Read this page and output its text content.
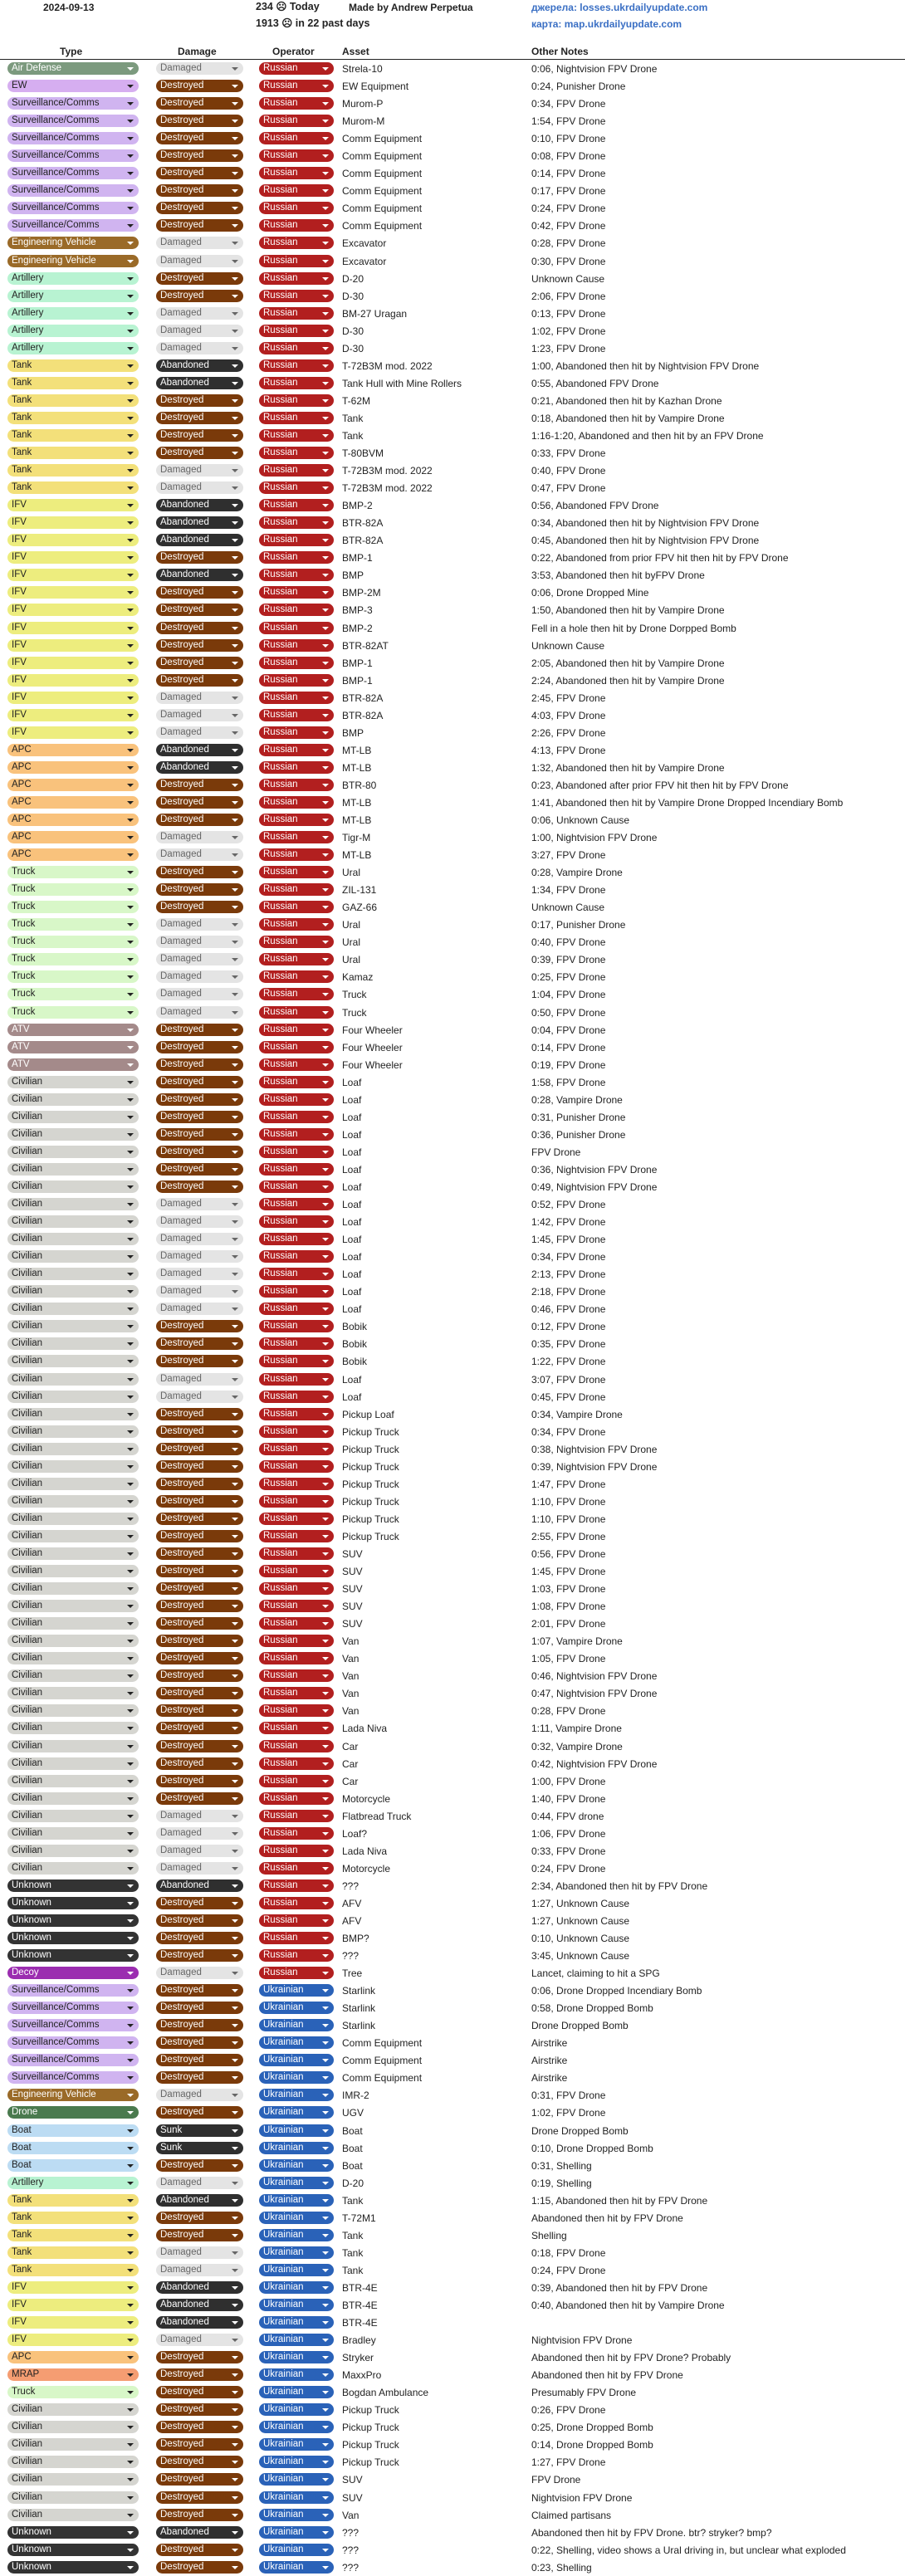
2024-09-13	234 ☹ Today
1913 ☹ in 22 past days
Made by Andrew Perpetua	джерела: losses.ukrdailyupdate.com
карта: map.ukrdailyupdate.com
Type	Damage	Operator	Asset	Other Notes
Air Defense	Damaged	Russian	Strela-10	0:06, Nightvision FPV Drone
EW	Destroyed	Russian	EW Equipment	0:24, Punisher Drone
Surveillance/Comms	Destroyed	Russian	Murom-P	0:34, FPV Drone
Surveillance/Comms	Destroyed	Russian	Murom-M	1:54, FPV Drone
Surveillance/Comms	Destroyed	Russian	Comm Equipment	0:10, FPV Drone
Surveillance/Comms	Destroyed	Russian	Comm Equipment	0:08, FPV Drone
Surveillance/Comms	Destroyed	Russian	Comm Equipment	0:14, FPV Drone
Surveillance/Comms	Destroyed	Russian	Comm Equipment	0:17, FPV Drone
Surveillance/Comms	Destroyed	Russian	Comm Equipment	0:24, FPV Drone
Surveillance/Comms	Destroyed	Russian	Comm Equipment	0:42, FPV Drone
Engineering Vehicle	Damaged	Russian	Excavator	0:28, FPV Drone
Engineering Vehicle	Damaged	Russian	Excavator	0:30, FPV Drone
Artillery	Destroyed	Russian	D-20	Unknown Cause
Artillery	Destroyed	Russian	D-30	2:06, FPV Drone
Artillery	Damaged	Russian	BM-27 Uragan	0:13, FPV Drone
Artillery	Damaged	Russian	D-30	1:02, FPV Drone
Artillery	Damaged	Russian	D-30	1:23, FPV Drone
Tank	Abandoned	Russian	T-72B3M mod. 2022	1:00, Abandoned then hit by Nightvision FPV Drone
Tank	Abandoned	Russian	Tank Hull with Mine Rollers	0:55, Abandoned FPV Drone
Tank	Destroyed	Russian	T-62M	0:21, Abandoned then hit by Kazhan Drone
Tank	Destroyed	Russian	Tank	0:18, Abandoned then hit by Vampire Drone
Tank	Destroyed	Russian	Tank	1:16-1:20, Abandoned and then hit by an FPV Drone
Tank	Destroyed	Russian	T-80BVM	0:33, FPV Drone
Tank	Damaged	Russian	T-72B3M mod. 2022	0:40, FPV Drone
Tank	Damaged	Russian	T-72B3M mod. 2022	0:47, FPV Drone
IFV	Abandoned	Russian	BMP-2	0:56, Abandoned FPV Drone
IFV	Abandoned	Russian	BTR-82A	0:34, Abandoned then hit by Nightvision FPV Drone
IFV	Abandoned	Russian	BTR-82A	0:45, Abandoned then hit by Nightvision FPV Drone
IFV	Destroyed	Russian	BMP-1	0:22, Abandoned from prior FPV hit then hit by FPV Drone
IFV	Abandoned	Russian	BMP	3:53, Abandoned then hit byFPV Drone
IFV	Destroyed	Russian	BMP-2M	0:06, Drone Dropped Mine
IFV	Destroyed	Russian	BMP-3	1:50, Abandoned then hit by Vampire Drone
IFV	Destroyed	Russian	BMP-2	Fell in a hole then hit by Drone Dorpped Bomb
IFV	Destroyed	Russian	BTR-82AT	Unknown Cause
IFV	Destroyed	Russian	BMP-1	2:05, Abandoned then hit by Vampire Drone
IFV	Destroyed	Russian	BMP-1	2:24, Abandoned then hit by Vampire Drone
IFV	Damaged	Russian	BTR-82A	2:45, FPV Drone
IFV	Damaged	Russian	BTR-82A	4:03, FPV Drone
IFV	Damaged	Russian	BMP	2:26, FPV Drone
APC	Abandoned	Russian	MT-LB	4:13, FPV Drone
APC	Abandoned	Russian	MT-LB	1:32, Abandoned then hit by Vampire Drone
APC	Destroyed	Russian	BTR-80	0:23, Abandoned after prior FPV hit then hit by FPV Drone
APC	Destroyed	Russian	MT-LB	1:41, Abandoned then hit by Vampire Drone Dropped Incendiary Bomb
APC	Destroyed	Russian	MT-LB	0:06, Unknown Cause
APC	Damaged	Russian	Tigr-M	1:00, Nightvision FPV Drone
APC	Damaged	Russian	MT-LB	3:27, FPV Drone
Truck	Destroyed	Russian	Ural	0:28, Vampire Drone
Truck	Destroyed	Russian	ZIL-131	1:34, FPV Drone
Truck	Destroyed	Russian	GAZ-66	Unknown Cause
Truck	Damaged	Russian	Ural	0:17, Punisher Drone
Truck	Damaged	Russian	Ural	0:40, FPV Drone
Truck	Damaged	Russian	Ural	0:39, FPV Drone
Truck	Damaged	Russian	Kamaz	0:25, FPV Drone
Truck	Damaged	Russian	Truck	1:04, FPV Drone
Truck	Damaged	Russian	Truck	0:50, FPV Drone
ATV	Destroyed	Russian	Four Wheeler	0:04, FPV Drone
ATV	Destroyed	Russian	Four Wheeler	0:14, FPV Drone
ATV	Destroyed	Russian	Four Wheeler	0:19, FPV Drone
Civilian	Destroyed	Russian	Loaf	1:58, FPV Drone
Civilian	Destroyed	Russian	Loaf	0:28, Vampire Drone
Civilian	Destroyed	Russian	Loaf	0:31, Punisher Drone
Civilian	Destroyed	Russian	Loaf	0:36, Punisher Drone
Civilian	Destroyed	Russian	Loaf	FPV Drone
Civilian	Destroyed	Russian	Loaf	0:36, Nightvision FPV Drone
Civilian	Destroyed	Russian	Loaf	0:49, Nightvision FPV Drone
Civilian	Damaged	Russian	Loaf	0:52, FPV Drone
Civilian	Damaged	Russian	Loaf	1:42, FPV Drone
Civilian	Damaged	Russian	Loaf	1:45, FPV Drone
Civilian	Damaged	Russian	Loaf	0:34, FPV Drone
Civilian	Damaged	Russian	Loaf	2:13, FPV Drone
Civilian	Damaged	Russian	Loaf	2:18, FPV Drone
Civilian	Damaged	Russian	Loaf	0:46, FPV Drone
Civilian	Destroyed	Russian	Bobik	0:12, FPV Drone
Civilian	Destroyed	Russian	Bobik	0:35, FPV Drone
Civilian	Destroyed	Russian	Bobik	1:22, FPV Drone
Civilian	Damaged	Russian	Loaf	3:07, FPV Drone
Civilian	Damaged	Russian	Loaf	0:45, FPV Drone
Civilian	Destroyed	Russian	Pickup Loaf	0:34, Vampire Drone
Civilian	Destroyed	Russian	Pickup Truck	0:34, FPV Drone
Civilian	Destroyed	Russian	Pickup Truck	0:38, Nightvision FPV Drone
Civilian	Destroyed	Russian	Pickup Truck	0:39, Nightvision FPV Drone
Civilian	Destroyed	Russian	Pickup Truck	1:47, FPV Drone
Civilian	Destroyed	Russian	Pickup Truck	1:10, FPV Drone
Civilian	Destroyed	Russian	Pickup Truck	1:10, FPV Drone
Civilian	Destroyed	Russian	Pickup Truck	2:55, FPV Drone
Civilian	Destroyed	Russian	SUV	0:56, FPV Drone
Civilian	Destroyed	Russian	SUV	1:45, FPV Drone
Civilian	Destroyed	Russian	SUV	1:03, FPV Drone
Civilian	Destroyed	Russian	SUV	1:08, FPV Drone
Civilian	Destroyed	Russian	SUV	2:01, FPV Drone
Civilian	Destroyed	Russian	Van	1:07, Vampire Drone
Civilian	Destroyed	Russian	Van	1:05, FPV Drone
Civilian	Destroyed	Russian	Van	0:46, Nightvision FPV Drone
Civilian	Destroyed	Russian	Van	0:47, Nightvision FPV Drone
Civilian	Destroyed	Russian	Van	0:28, FPV Drone
Civilian	Destroyed	Russian	Lada Niva	1:11, Vampire Drone
Civilian	Destroyed	Russian	Car	0:32, Vampire Drone
Civilian	Destroyed	Russian	Car	0:42, Nightvision FPV Drone
Civilian	Destroyed	Russian	Car	1:00, FPV Drone
Civilian	Destroyed	Russian	Motorcycle	1:40, FPV Drone
Civilian	Damaged	Russian	Flatbread Truck	0:44, FPV drone
Civilian	Damaged	Russian	Loaf?	1:06, FPV Drone
Civilian	Damaged	Russian	Lada Niva	0:33, FPV Drone
Civilian	Damaged	Russian	Motorcycle	0:24, FPV Drone
Unknown	Abandoned	Russian	???	2:34, Abandoned then hit by FPV Drone
Unknown	Destroyed	Russian	AFV	1:27, Unknown Cause
Unknown	Destroyed	Russian	AFV	1:27, Unknown Cause
Unknown	Destroyed	Russian	BMP?	0:10, Unknown Cause
Unknown	Destroyed	Russian	???	3:45, Unknown Cause
Decoy	Damaged	Russian	Tree	Lancet, claiming to hit a SPG
Surveillance/Comms	Destroyed	Ukrainian	Starlink	0:06, Drone Dropped Incendiary Bomb
Surveillance/Comms	Destroyed	Ukrainian	Starlink	0:58, Drone Dropped Bomb
Surveillance/Comms	Destroyed	Ukrainian	Starlink	Drone Dropped Bomb
Surveillance/Comms	Destroyed	Ukrainian	Comm Equipment	Airstrike
Surveillance/Comms	Destroyed	Ukrainian	Comm Equipment	Airstrike
Surveillance/Comms	Destroyed	Ukrainian	Comm Equipment	Airstrike
Engineering Vehicle	Damaged	Ukrainian	IMR-2	0:31, FPV Drone
Drone	Destroyed	Ukrainian	UGV	1:02, FPV Drone
Boat	Sunk	Ukrainian	Boat	Drone Dropped Bomb
Boat	Sunk	Ukrainian	Boat	0:10, Drone Dropped Bomb
Boat	Destroyed	Ukrainian	Boat	0:31, Shelling
Artillery	Damaged	Ukrainian	D-20	0:19, Shelling
Tank	Abandoned	Ukrainian	Tank	1:15, Abandoned then hit by FPV Drone
Tank	Destroyed	Ukrainian	T-72M1	Abandoned then hit by FPV Drone
Tank	Destroyed	Ukrainian	Tank	Shelling
Tank	Damaged	Ukrainian	Tank	0:18, FPV Drone
Tank	Damaged	Ukrainian	Tank	0:24, FPV Drone
IFV	Abandoned	Ukrainian	BTR-4E	0:39, Abandoned then hit by FPV Drone
IFV	Abandoned	Ukrainian	BTR-4E	0:40, Abandoned then hit by Vampire Drone
IFV	Abandoned	Ukrainian	BTR-4E
IFV	Damaged	Ukrainian	Bradley	Nightvision FPV Drone
APC	Destroyed	Ukrainian	Stryker	Abandoned then hit by FPV Drone? Probably
MRAP	Destroyed	Ukrainian	MaxxPro	Abandoned then hit by FPV Drone
Truck	Destroyed	Ukrainian	Bogdan Ambulance	Presumably FPV Drone
Civilian	Destroyed	Ukrainian	Pickup Truck	0:26, FPV Drone
Civilian	Destroyed	Ukrainian	Pickup Truck	0:25, Drone Dropped Bomb
Civilian	Destroyed	Ukrainian	Pickup Truck	0:14, Drone Dropped Bomb
Civilian	Destroyed	Ukrainian	Pickup Truck	1:27, FPV Drone
Civilian	Destroyed	Ukrainian	SUV	FPV Drone
Civilian	Destroyed	Ukrainian	SUV	Nightvision FPV Drone
Civilian	Destroyed	Ukrainian	Van	Claimed partisans
Unknown	Abandoned	Ukrainian	???	Abandoned then hit by FPV Drone. btr? stryker? bmp?
Unknown	Destroyed	Ukrainian	???	0:22, Shelling, video shows a Ural driving in, but unclear what exploded
Unknown	Destroyed	Ukrainian	???	0:23, Shelling
